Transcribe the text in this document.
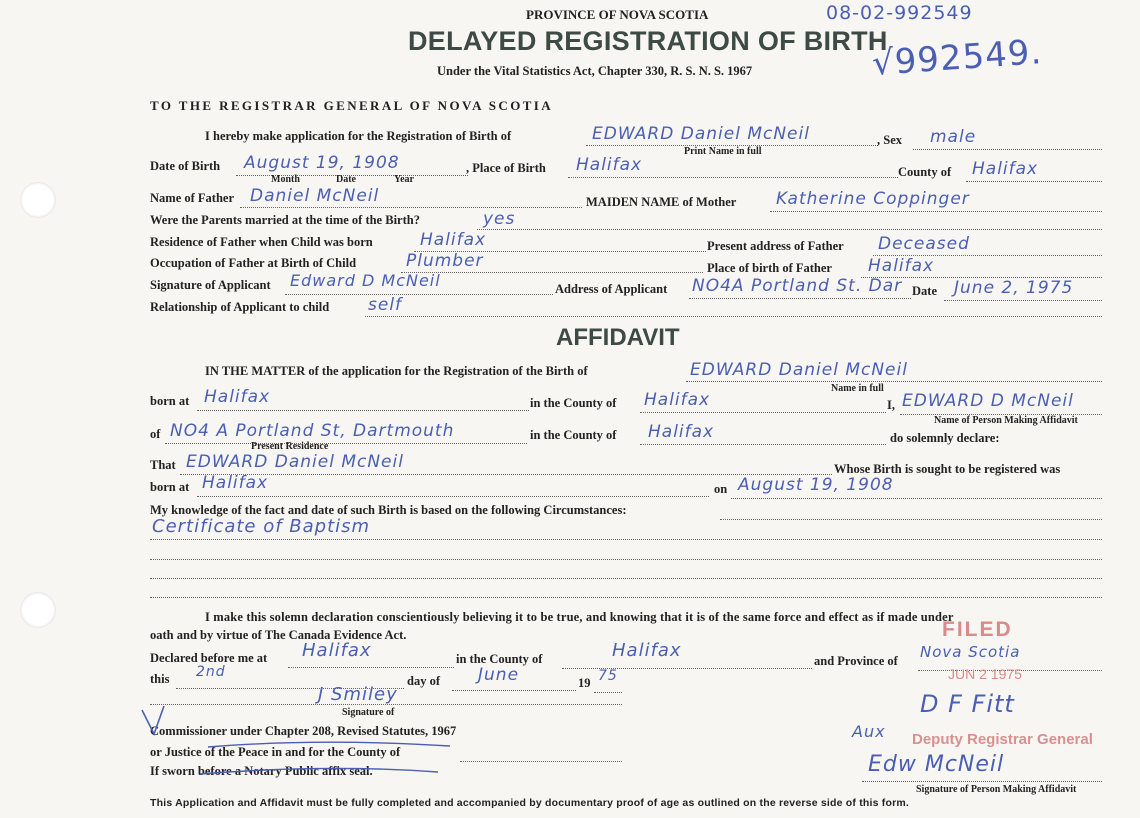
PROVINCE OF NOVA SCOTIA
DELAYED REGISTRATION OF BIRTH
Under the Vital Statistics Act, Chapter 330, R. S. N. S. 1967
08-02-992549
√992549.
TO THE REGISTRAR GENERAL OF NOVA SCOTIA
I hereby make application for the Registration of Birth of	EDWARD Daniel McNeil
Print Name in full
, Sex male
Date of Birth August 19, 1908
Month	Date	Year
, Place of Birth Halifax	County of Halifax
Name of Father Daniel McNeil	MAIDEN NAME of Mother Katherine Coppinger
Were the Parents married at the time of the Birth?	yes
Residence of Father when Child was born	Halifax	Present address of Father Deceased
Occupation of Father at Birth of Child	Plumber	Place of birth of Father Halifax
Signature of Applicant Edward D McNeil	Address of Applicant NO4A Portland St. Dar Date June 2, 1975
Relationship of Applicant to child self
AFFIDAVIT
IN THE MATTER of the application for the Registration of the Birth of	EDWARD Daniel McNeil
Name in full
born at Halifax	in the County of Halifax	I, EDWARD D McNeil
Name of Person Making Affidavit
of NO4 A Portland St, Dartmouth
Present Residence
in the County of Halifax	do solemnly declare:
That EDWARD Daniel McNeil	Whose Birth is sought to be registered was
born at Halifax	on August 19, 1908
My knowledge of the fact and date of such Birth is based on the following Circumstances:
Certificate of Baptism
I make this solemn declaration conscientiously believing it to be true, and knowing that it is of the same force and effect as if made under
oath and by virtue of The Canada Evidence Act.
Declared before me at Halifax	in the County of	Halifax	and Province of Nova Scotia
this 2nd
day of June	19 75
J Smiley
Signature of
Commissioner under Chapter 208, Revised Statutes, 1967
or Justice of the Peace in and for the County of
If sworn before a Notary Public affix seal.
FILED
JUN 2 1975
D F Fitt
Aux Deputy Registrar General
Edw McNeil
Signature of Person Making Affidavit
This Application and Affidavit must be fully completed and accompanied by documentary proof of age as outlined on the reverse side of this form.
